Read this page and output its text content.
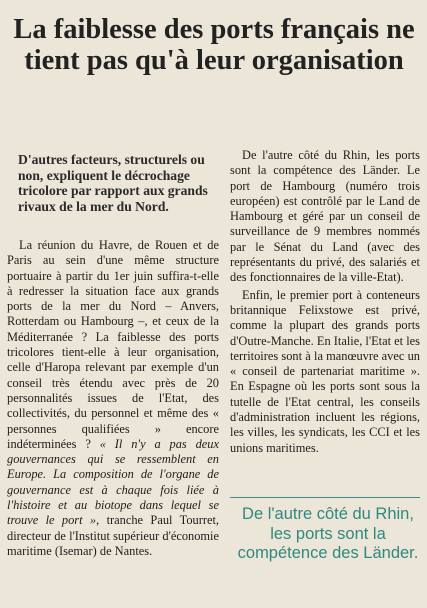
La faiblesse des ports français ne tient pas qu'à leur organisation

D'autres facteurs, structurels ou non, expliquent le décrochage tricolore par rapport aux grands rivaux de la mer du Nord.

La réunion du Havre, de Rouen et de Paris au sein d'une même structure portuaire à partir du 1er juin suffira-t-elle à redresser la situation face aux grands ports de la mer du Nord – Anvers, Rotterdam ou Hambourg –, et ceux de la Méditerranée ? La faiblesse des ports tricolores tient-elle à leur organisation, celle d'Haropa relevant par exemple d'un conseil très étendu avec près de 20 personnalités issues de l'Etat, des collectivités, du personnel et même des « personnes qualifiées » encore indéterminées ? « Il n'y a pas deux gouvernances qui se ressemblent en Europe. La composition de l'organe de gouvernance est à chaque fois liée à l'histoire et au biotope dans lequel se trouve le port », tranche Paul Tourret, directeur de l'Institut supérieur d'économie maritime (Isemar) de Nantes.

De l'autre côté du Rhin, les ports sont la compétence des Länder. Le port de Hambourg (numéro trois européen) est contrôlé par le Land de Hambourg et géré par un conseil de surveillance de 9 membres nommés par le Sénat du Land (avec des représentants du privé, des salariés et des fonctionnaires de la ville-Etat).

Enfin, le premier port à conteneurs britannique Felixstowe est privé, comme la plupart des grands ports d'Outre-Manche. En Italie, l'Etat et les territoires sont à la manœuvre avec un « conseil de partenariat maritime ». En Espagne où les ports sont sous la tutelle de l'Etat central, les conseils d'administration incluent les régions, les villes, les syndicats, les CCI et les unions maritimes.

De l'autre côté du Rhin, les ports sont la compétence des Länder.
